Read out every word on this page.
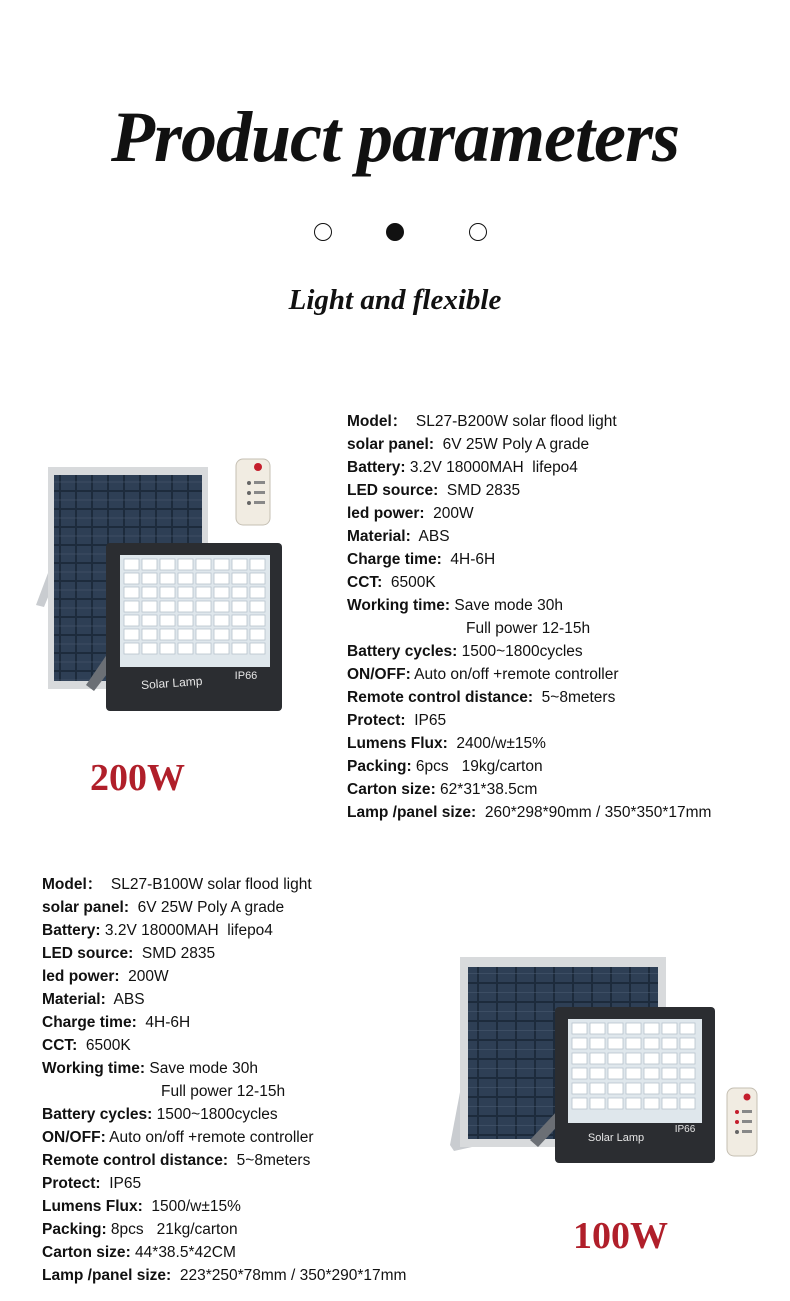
Product parameters
Light and flexible
Solar Lamp	IP66
200W
Model：  SL27-B200W solar flood light
solar panel:  6V 25W Poly A grade
Battery: 3.2V 18000MAH  lifepo4
LED source:  SMD 2835
led power:  200W
Material:  ABS
Charge time:  4H-6H
CCT:  6500K
Working time: Save mode 30h
Full power 12-15h
Battery cycles: 1500~1800cycles
ON/OFF: Auto on/off +remote controller
Remote control distance:  5~8meters
Protect:  IP65
Lumens Flux:  2400/w±15%
Packing: 6pcs   19kg/carton
Carton size: 62*31*38.5cm
Lamp /panel size:  260*298*90mm / 350*350*17mm
Model：  SL27-B100W solar flood light
solar panel:  6V 25W Poly A grade
Battery: 3.2V 18000MAH  lifepo4
LED source:  SMD 2835
led power:  200W
Material:  ABS
Charge time:  4H-6H
CCT:  6500K
Working time: Save mode 30h
Full power 12-15h
Battery cycles: 1500~1800cycles
ON/OFF: Auto on/off +remote controller
Remote control distance:  5~8meters
Protect:  IP65
Lumens Flux:  1500/w±15%
Packing: 8pcs   21kg/carton
Carton size: 44*38.5*42CM
Lamp /panel size:  223*250*78mm / 350*290*17mm
Solar Lamp
IP66
100W
